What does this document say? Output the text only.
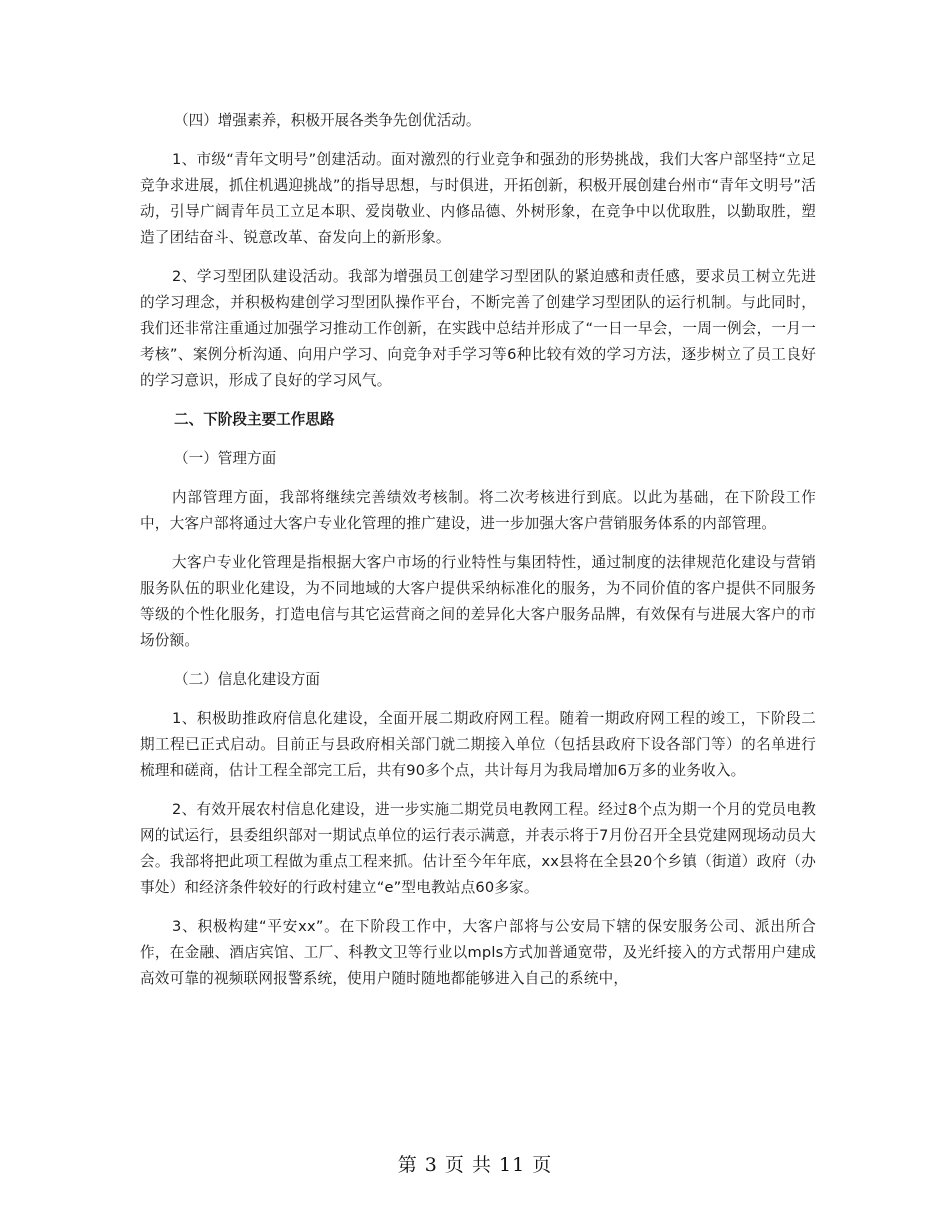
（四）增强素养，积极开展各类争先创优活动。

1、市级“青年文明号”创建活动。面对激烈的行业竞争和强劲的形势挑战，我们大客户部坚持“立足竞争求进展，抓住机遇迎挑战”的指导思想，与时俱进，开拓创新，积极开展创建台州市“青年文明号”活动，引导广阔青年员工立足本职、爱岗敬业、内修品德、外树形象，在竞争中以优取胜，以勤取胜，塑造了团结奋斗、锐意改革、奋发向上的新形象。

2、学习型团队建设活动。我部为增强员工创建学习型团队的紧迫感和责任感，要求员工树立先进的学习理念，并积极构建创学习型团队操作平台，不断完善了创建学习型团队的运行机制。与此同时，我们还非常注重通过加强学习推动工作创新，在实践中总结并形成了“一日一早会，一周一例会，一月一考核”、案例分析沟通、向用户学习、向竞争对手学习等6种比较有效的学习方法，逐步树立了员工良好的学习意识，形成了良好的学习风气。

二、下阶段主要工作思路

（一）管理方面

内部管理方面，我部将继续完善绩效考核制。将二次考核进行到底。以此为基础，在下阶段工作中，大客户部将通过大客户专业化管理的推广建设，进一步加强大客户营销服务体系的内部管理。

大客户专业化管理是指根据大客户市场的行业特性与集团特性，通过制度的法律规范化建设与营销服务队伍的职业化建设，为不同地域的大客户提供采纳标准化的服务，为不同价值的客户提供不同服务等级的个性化服务，打造电信与其它运营商之间的差异化大客户服务品牌，有效保有与进展大客户的市场份额。

（二）信息化建设方面

1、积极助推政府信息化建设，全面开展二期政府网工程。随着一期政府网工程的竣工，下阶段二期工程已正式启动。目前正与县政府相关部门就二期接入单位（包括县政府下设各部门等）的名单进行梳理和磋商，估计工程全部完工后，共有90多个点，共计每月为我局增加6万多的业务收入。

2、有效开展农村信息化建设，进一步实施二期党员电教网工程。经过8个点为期一个月的党员电教网的试运行，县委组织部对一期试点单位的运行表示满意，并表示将于7月份召开全县党建网现场动员大会。我部将把此项工程做为重点工程来抓。估计至今年年底，xx县将在全县20个乡镇（街道）政府（办事处）和经济条件较好的行政村建立“e”型电教站点60多家。

3、积极构建“平安xx”。在下阶段工作中，大客户部将与公安局下辖的保安服务公司、派出所合作，在金融、酒店宾馆、工厂、科教文卫等行业以mpls方式加普通宽带，及光纤接入的方式帮用户建成高效可靠的视频联网报警系统，使用户随时随地都能够进入自己的系统中，

第 3 页 共 11 页
